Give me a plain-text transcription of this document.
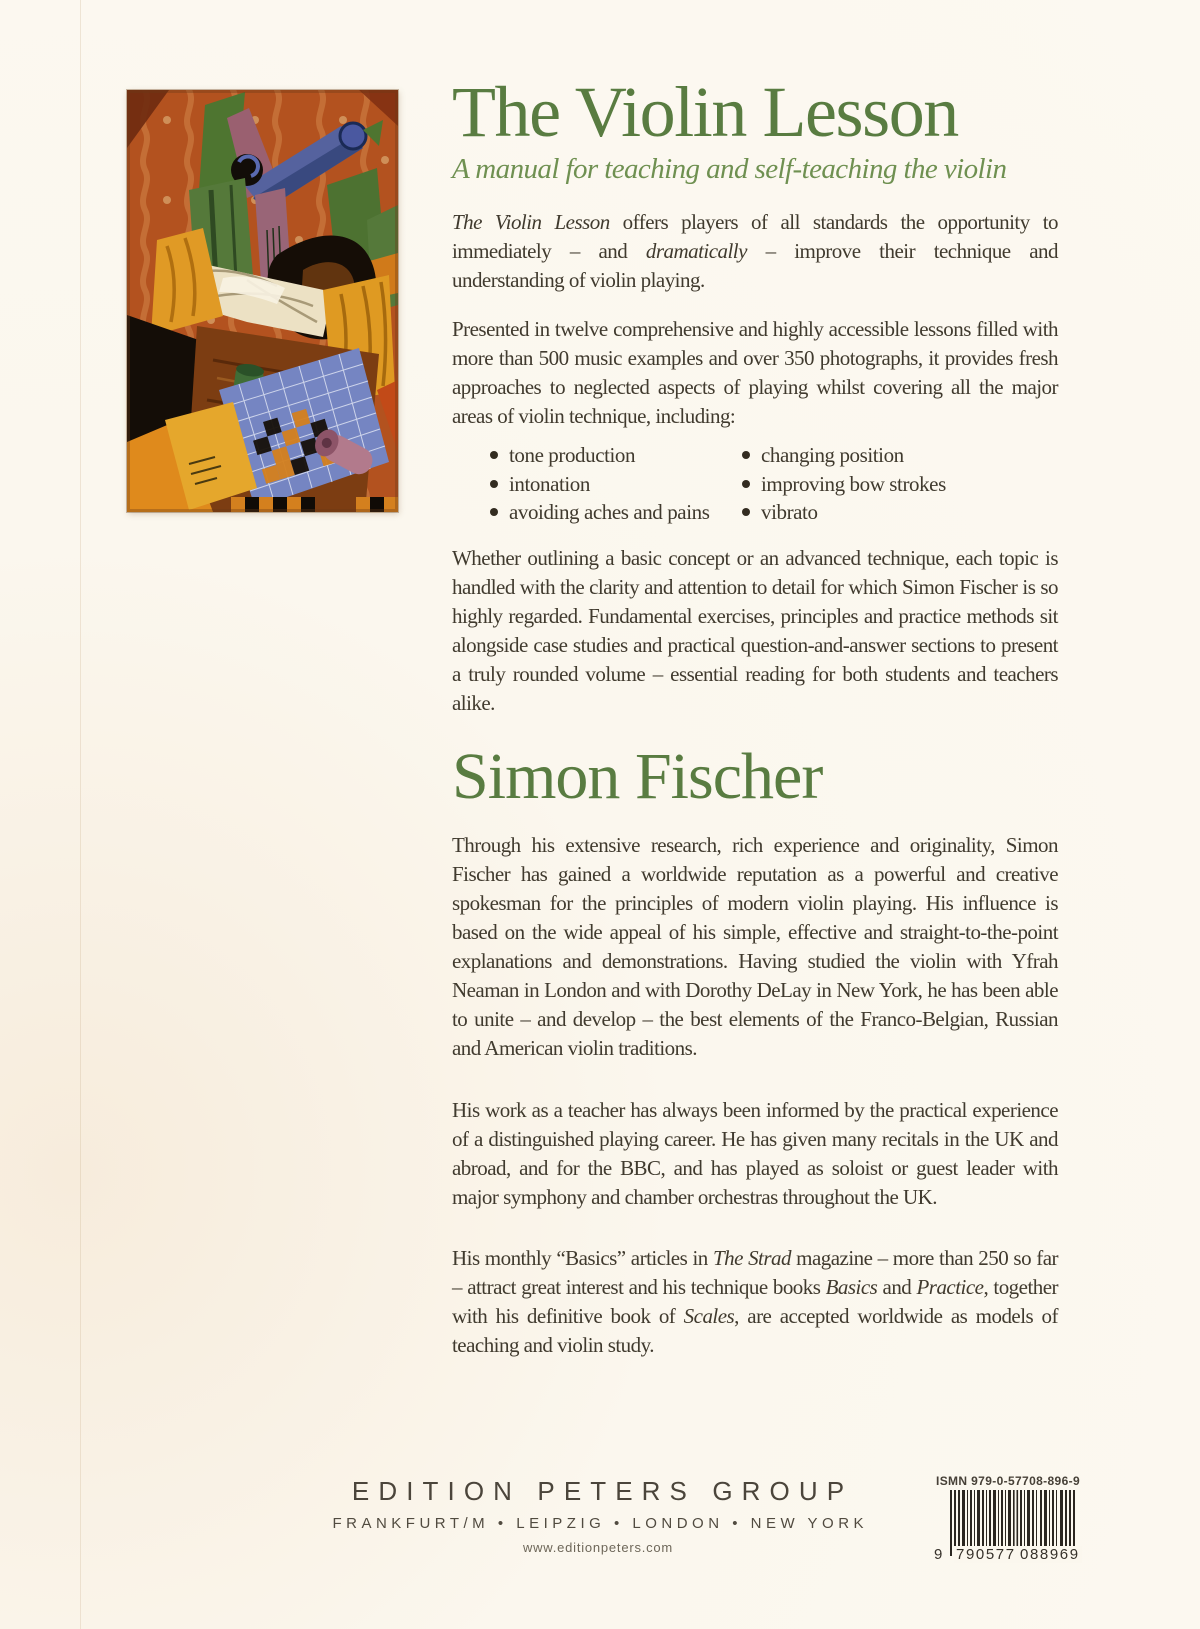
The Violin Lesson
A manual for teaching and self-teaching the violin

The Violin Lesson offers players of all standards the opportunity to immediately – and dramatically – improve their technique and understanding of violin playing.

Presented in twelve comprehensive and highly accessible lessons filled with more than 500 music examples and over 350 photographs, it provides fresh approaches to neglected aspects of playing whilst covering all the major areas of violin technique, including:

tone production
intonation
avoiding aches and pains
changing position
improving bow strokes
vibrato

Whether outlining a basic concept or an advanced technique, each topic is handled with the clarity and attention to detail for which Simon Fischer is so highly regarded. Fundamental exercises, principles and practice methods sit alongside case studies and practical question-and-answer sections to present a truly rounded volume – essential reading for both students and teachers alike.

Simon Fischer

Through his extensive research, rich experience and originality, Simon Fischer has gained a worldwide reputation as a powerful and creative spokesman for the principles of modern violin playing. His influence is based on the wide appeal of his simple, effective and straight-to-the-point explanations and demonstrations. Having studied the violin with Yfrah Neaman in London and with Dorothy DeLay in New York, he has been able to unite – and develop – the best elements of the Franco-Belgian, Russian and American violin traditions.

His work as a teacher has always been informed by the practical experience of a distinguished playing career. He has given many recitals in the UK and abroad, and for the BBC, and has played as soloist or guest leader with major symphony and chamber orchestras throughout the UK.

His monthly “Basics” articles in The Strad magazine – more than 250 so far – attract great interest and his technique books Basics and Practice, together with his definitive book of Scales, are accepted worldwide as models of teaching and violin study.

EDITION PETERS GROUP
FRANKFURT/M • LEIPZIG • LONDON • NEW YORK
www.editionpeters.com
ISMN 979-0-57708-896-9
9 790577 088969
